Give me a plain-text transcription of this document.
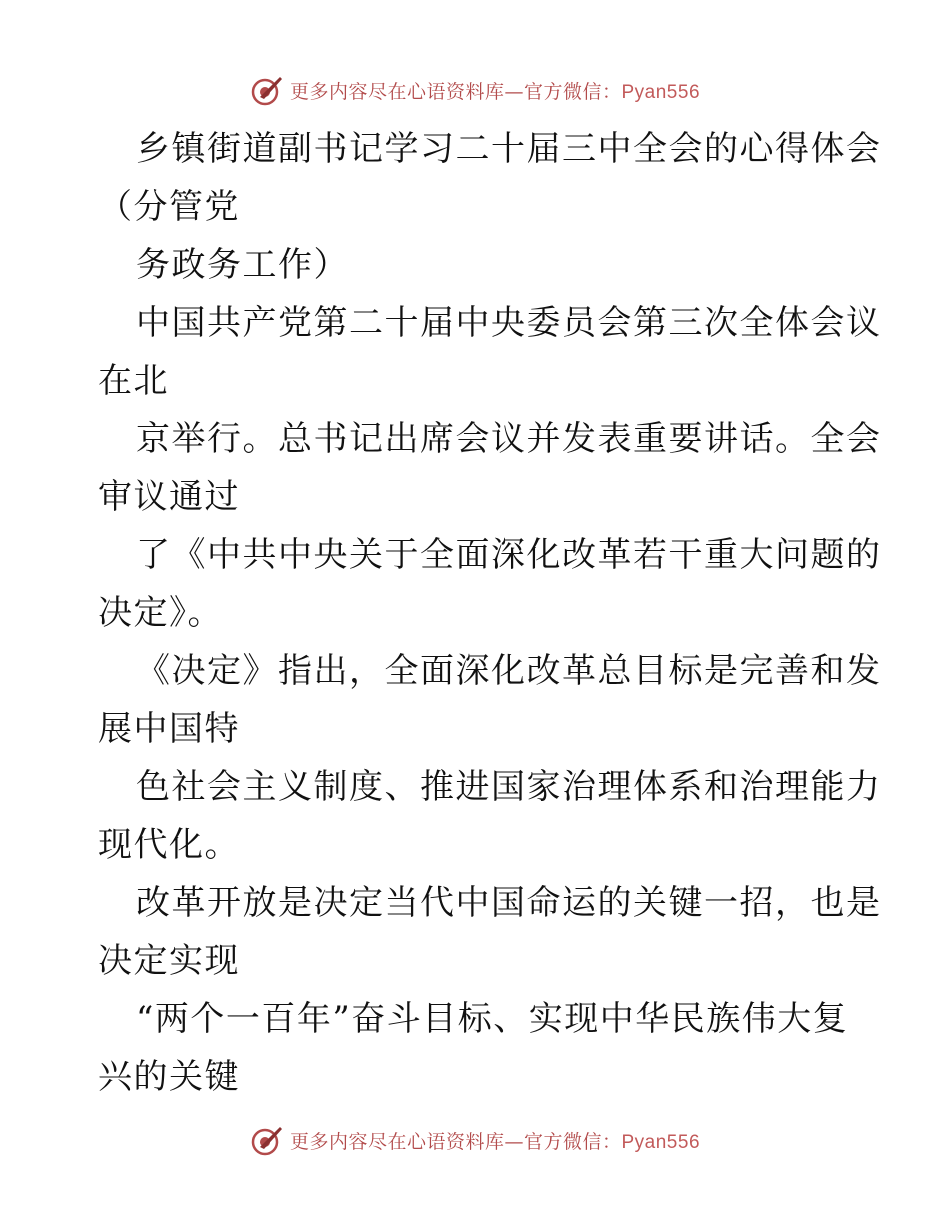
更多内容尽在心语资料库—官方微信：Pyan556
乡镇街道副书记学习二十届三中全会的心得体会
（分管党
务政务工作）
中国共产党第二十届中央委员会第三次全体会议
在北
京举行。总书记出席会议并发表重要讲话。全会
审议通过
了《中共中央关于全面深化改革若干重大问题的
决定》。
《决定》指出，全面深化改革总目标是完善和发
展中国特
色社会主义制度、推进国家治理体系和治理能力
现代化。
改革开放是决定当代中国命运的关键一招，也是
决定实现
“两个一百年”奋斗目标、实现中华民族伟大复
兴的关键
更多内容尽在心语资料库—官方微信：Pyan556
